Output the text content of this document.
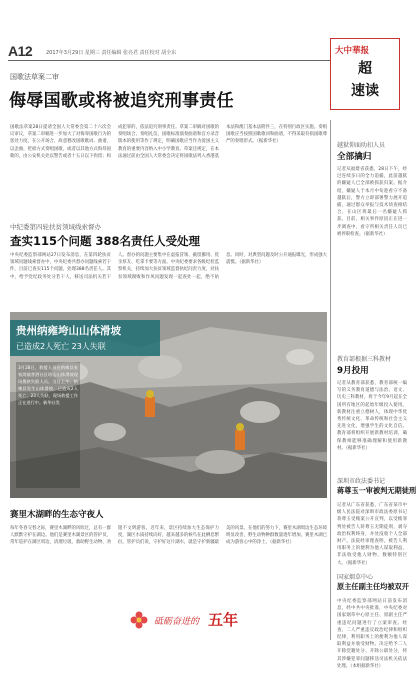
A12	2017年3月29日 星期三 责任编辑 张亮君 责任校对 胡全东	大中華报
超
速读
国歌法草案二审
侮辱国歌或将被追究刑事责任
国歌法草案28日提请全国人大常委会第二十六次会议审议，草案二审稿进一步加大了对侮辱国歌行为的惩处力度。在公开场合，故意篡改国歌歌词、曲谱，以歪曲、贬损方式奏唱国歌，或者以其他方式侮辱国歌的，由公安机关处以警告或者十五日以下拘留；构成犯罪的，依法追究刑事责任。草案二审稿对国歌的奏唱场合、奏唱礼仪、国歌标准演奏曲谱和官方录音版本的使用等作了规定，明确国歌应当作为爱国主义教育的重要内容纳入中小学教育。草案还规定，在本法通过前由全国人大常委会决定将国歌法列入香港基本法和澳门基本法附件三，在特别行政区实施。奏唱国歌应当按照国歌歌词和曲谱，不得采取有损国歌尊严的奏唱形式。（据新华社）
越狱仰面叻扣人员
全部擒归
记者从福建省获悉，28日下午，经过连续多日的全力追捕，此前越狱的嫌疑人已全部被抓获归案。据介绍，嫌疑人于本月中旬趁看守不备越狱后，警方立即部署警力展开追捕，通过群众举报与技术侦查相结合，在山区将最后一名嫌疑人抓获。目前，相关事件原因正在进一步调查中，看守所相关责任人员已被停职检查。（据新华社）
中纪委第四轮扶贫领域线索督办
查实115个问题 388名责任人受处理
中央纪委监察部网站27日发布消息，在第四轮扶贫领域问题线索督办中，中央纪委共督办问题线索若干件，目前已查实115个问题，处理388名责任人。其中，给予党纪政务处分若干人，移送司法机关若干人。督办的问题主要集中在虚报冒领、截留挪用、优亲厚友、吃拿卡要等方面。中央纪委要求各级纪检监察机关，持续加大扶贫领域监督执纪问责力度，对扶贫领域腐败和作风问题发现一起查处一起，绝不姑息。同时，对典型问题及时公开通报曝光，形成强大震慑。（据新华社）
贵州纳雍垮山山体滑坡
已造成2人死亡 23人失联
3月28日，救援人员在纳雍县张家湾镇普洒社区垮山山体滑坡现场搜救失联人员。当日上午，纳雍县发生山体滑坡，已造成2人死亡、23人失联，现场救援工作正在进行中。新华社发
教育部根据三科教材
9月投用
记者从教育部获悉，教育部统一编写的义务教育道德与法治、语文、历史三科教材，将于今年9月起在全国所有地区的起始年级投入使用。新教材注重立德树人，体现中华优秀传统文化、革命传统和社会主义先进文化，增强学生的文化自信。教育部将组织开展新教材培训，确保教师能够准确理解和使用新教材。（据新华社）
深圳市政法委书记
蒋尊玉一审被判无期徒刑
记者从广东省获悉，广东省某市中级人民法院对深圳市政法委原书记蒋尊玉受贿案公开宣判，以受贿罪判处被告人蒋尊玉无期徒刑，剥夺政治权利终身，并处没收个人全部财产。法院经审理查明，被告人利用职务上的便利为他人谋取利益，非法收受他人财物，数额特别巨大。（据新华社）
赛里木湖畔的生态守夜人
每年冬春交替之际，赛里木湖畔的风吹过，总有一群人默默守护在湖边。他们是赛里木湖景区的管护员，常年巡护在湖区周边，清理垃圾、救助野生动物、劝阻不文明游客。近年来，景区持续加大生态保护力度，湖区水质持续向好，越来越多的候鸟在此栖息繁衍。管护员们说，守护好这片湖水，就是守护新疆最美的风景。在他们的努力下，赛里木湖周边生态环境明显改善，野生动物种群数量逐年增加，赛里木湖已成为游客心中的净土。（据新华社）
砥砺奋进的 五年
国家烟草中心
原主任副主任均被双开
中央纪委监察部网站日前发布消息，经中共中央批准，中央纪委对国家烟草中心原主任、原副主任严重违纪问题进行了立案审查。经查，二人严重违反政治纪律和组织纪律，利用职务上的便利为他人谋取利益并收受财物。决定给予二人开除党籍处分、开除公职处分，将其涉嫌犯罪问题移送司法机关依法处理。（本组据新华社）
